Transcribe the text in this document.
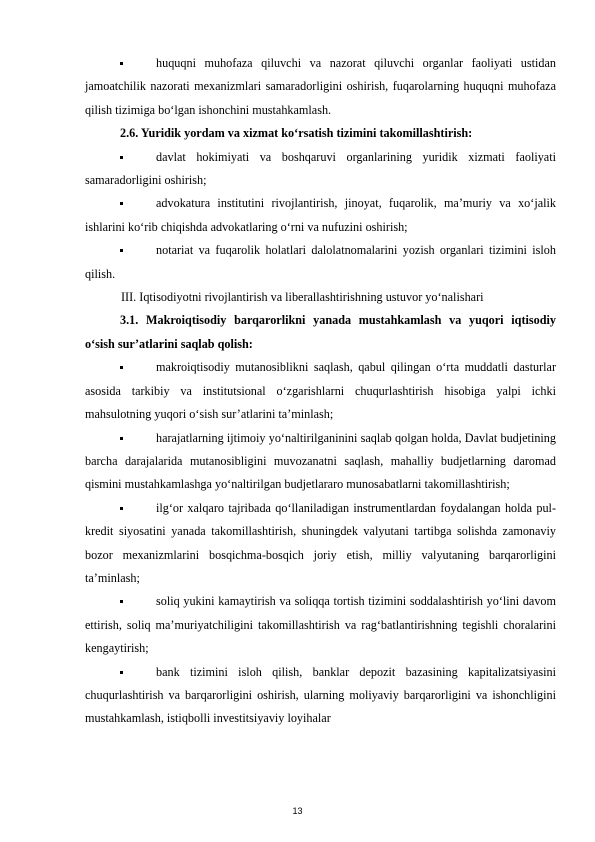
huquqni muhofaza qiluvchi va nazorat qiluvchi organlar faoliyati ustidan jamoatchilik nazorati mexanizmlari samaradorligini oshirish, fuqarolarning huquqni muhofaza qilish tizimiga bo‘lgan ishonchini mustahkamlash.

2.6. Yuridik yordam va xizmat ko‘rsatish tizimini takomillashtirish:

davlat hokimiyati va boshqaruvi organlarining yuridik xizmati faoliyati samaradorligini oshirish;

advokatura institutini rivojlantirish, jinoyat, fuqarolik, ma’muriy va xo‘jalik ishlarini ko‘rib chiqishda advokatlaring o‘rni va nufuzini oshirish;

notariat va fuqarolik holatlari dalolatnomalarini yozish organlari tizimini isloh qilish.

III. Iqtisodiyotni rivojlantirish va liberallashtirishning ustuvor yo‘nalishari

3.1. Makroiqtisodiy barqarorlikni yanada mustahkamlash va yuqori iqtisodiy o‘sish sur’atlarini saqlab qolish:

makroiqtisodiy mutanosiblikni saqlash, qabul qilingan o‘rta muddatli dasturlar asosida tarkibiy va institutsional o‘zgarishlarni chuqurlashtirish hisobiga yalpi ichki mahsulotning yuqori o‘sish sur’atlarini ta’minlash;

harajatlarning ijtimoiy yo‘naltirilganinini saqlab qolgan holda, Davlat budjetining barcha darajalarida mutanosibligini muvozanatni saqlash, mahalliy budjetlarning daromad qismini mustahkamlashga yo‘naltirilgan budjetlararo munosabatlarni takomillashtirish;

ilg‘or xalqaro tajribada qo‘llaniladigan instrumentlardan foydalangan holda pul-kredit siyosatini yanada takomillashtirish, shuningdek valyutani tartibga solishda zamonaviy bozor mexanizmlarini bosqichma-bosqich joriy etish, milliy valyutaning barqarorligini ta’minlash;

soliq yukini kamaytirish va soliqqa tortish tizimini soddalashtirish yo‘lini davom ettirish, soliq ma’muriyatchiligini takomillashtirish va rag‘batlantirishning tegishli choralarini kengaytirish;

bank tizimini isloh qilish, banklar depozit bazasining kapitalizatsiyasini chuqurlashtirish va barqarorligini oshirish, ularning moliyaviy barqarorligini va ishonchligini mustahkamlash, istiqbolli investitsiyaviy loyihalar

13
